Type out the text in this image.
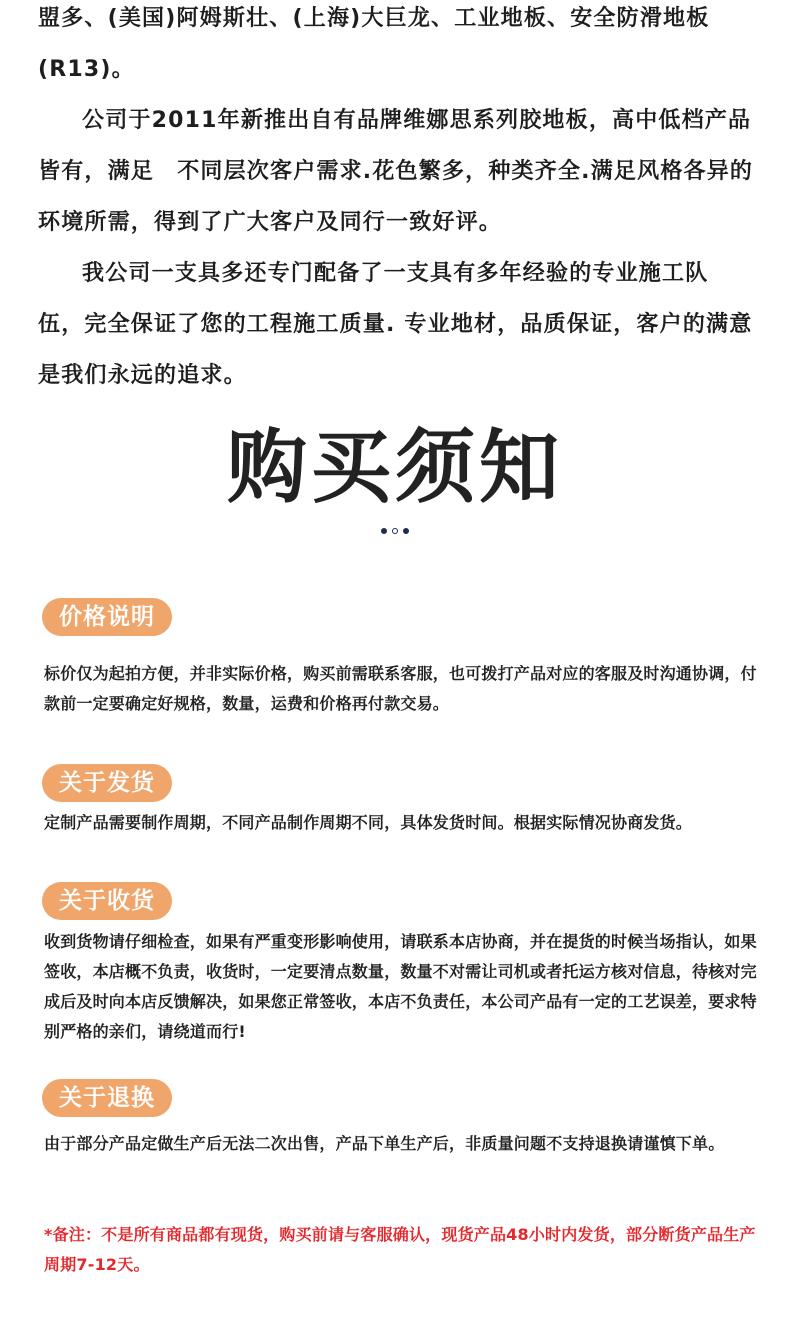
盟多、(美国)阿姆斯壮、(上海)大巨龙、工业地板、安全防滑地板 (R13)。

公司于2011年新推出自有品牌维娜思系列胶地板，高中低档产品皆有，满足　不同层次客户需求.花色繁多，种类齐全.满足风格各异的环境所需，得到了广大客户及同行一致好评。

我公司一支具多还专门配备了一支具有多年经验的专业施工队伍，完全保证了您的工程施工质量. 专业地材，品质保证，客户的满意是我们永远的追求。

购买须知
价格说明

标价仅为起拍方便，并非实际价格，购买前需联系客服，也可拨打产品对应的客服及时沟通协调，付款前一定要确定好规格，数量，运费和价格再付款交易。

关于发货

定制产品需要制作周期，不同产品制作周期不同，具体发货时间。根据实际情况协商发货。

关于收货

收到货物请仔细检查，如果有严重变形影响使用，请联系本店协商，并在提货的时候当场指认，如果签收，本店概不负责，收货时，一定要清点数量，数量不对需让司机或者托运方核对信息，待核对完成后及时向本店反馈解决，如果您正常签收，本店不负责任，本公司产品有一定的工艺误差，要求特别严格的亲们，请绕道而行!

关于退换

由于部分产品定做生产后无法二次出售，产品下单生产后，非质量问题不支持退换请谨慎下单。

*备注：不是所有商品都有现货，购买前请与客服确认，现货产品48小时内发货，部分断货产品生产周期7-12天。
